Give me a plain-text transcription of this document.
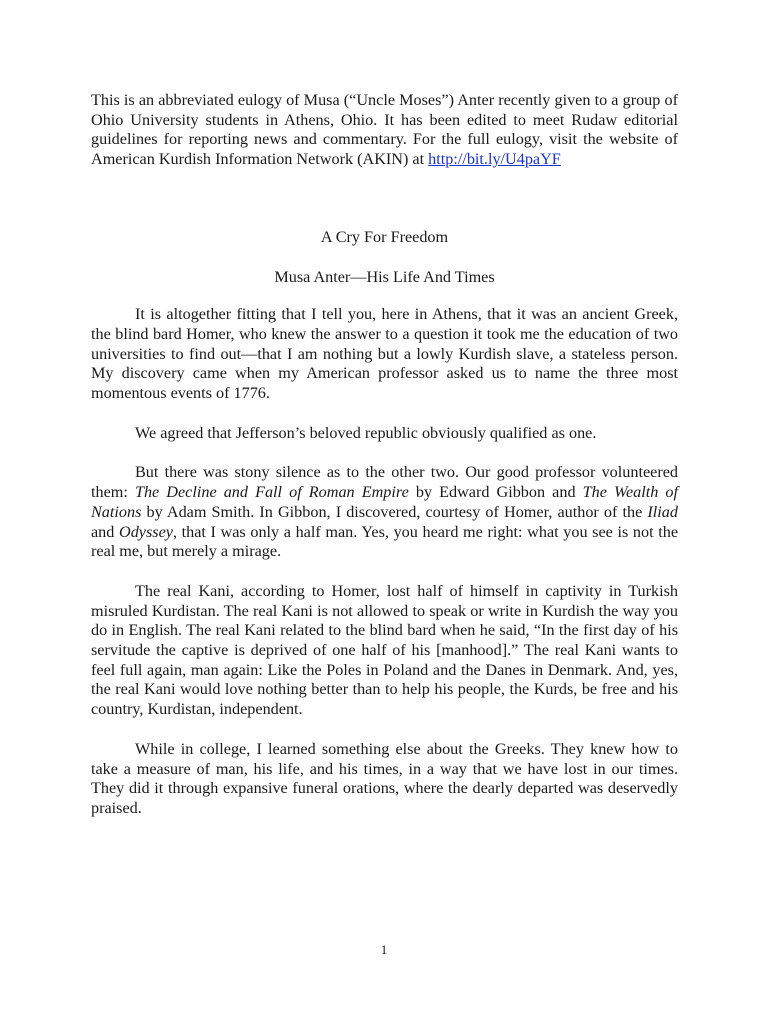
This is an abbreviated eulogy of Musa (“Uncle Moses”) Anter recently given to a group of Ohio University students in Athens, Ohio. It has been edited to meet Rudaw editorial guidelines for reporting news and commentary. For the full eulogy, visit the website of American Kurdish Information Network (AKIN) at http://bit.ly/U4paYF

A Cry For Freedom

Musa Anter—His Life And Times

It is altogether fitting that I tell you, here in Athens, that it was an ancient Greek, the blind bard Homer, who knew the answer to a question it took me the education of two universities to find out—that I am nothing but a lowly Kurdish slave, a stateless person. My discovery came when my American professor asked us to name the three most momentous events of 1776.

We agreed that Jefferson’s beloved republic obviously qualified as one.

But there was stony silence as to the other two. Our good professor volunteered them: The Decline and Fall of Roman Empire by Edward Gibbon and The Wealth of Nations by Adam Smith. In Gibbon, I discovered, courtesy of Homer, author of the Iliad and Odyssey, that I was only a half man. Yes, you heard me right: what you see is not the real me, but merely a mirage.

The real Kani, according to Homer, lost half of himself in captivity in Turkish misruled Kurdistan. The real Kani is not allowed to speak or write in Kurdish the way you do in English. The real Kani related to the blind bard when he said, “In the first day of his servitude the captive is deprived of one half of his [manhood].” The real Kani wants to feel full again, man again: Like the Poles in Poland and the Danes in Denmark. And, yes, the real Kani would love nothing better than to help his people, the Kurds, be free and his country, Kurdistan, independent.

While in college, I learned something else about the Greeks. They knew how to take a measure of man, his life, and his times, in a way that we have lost in our times. They did it through expansive funeral orations, where the dearly departed was deservedly praised.

1
